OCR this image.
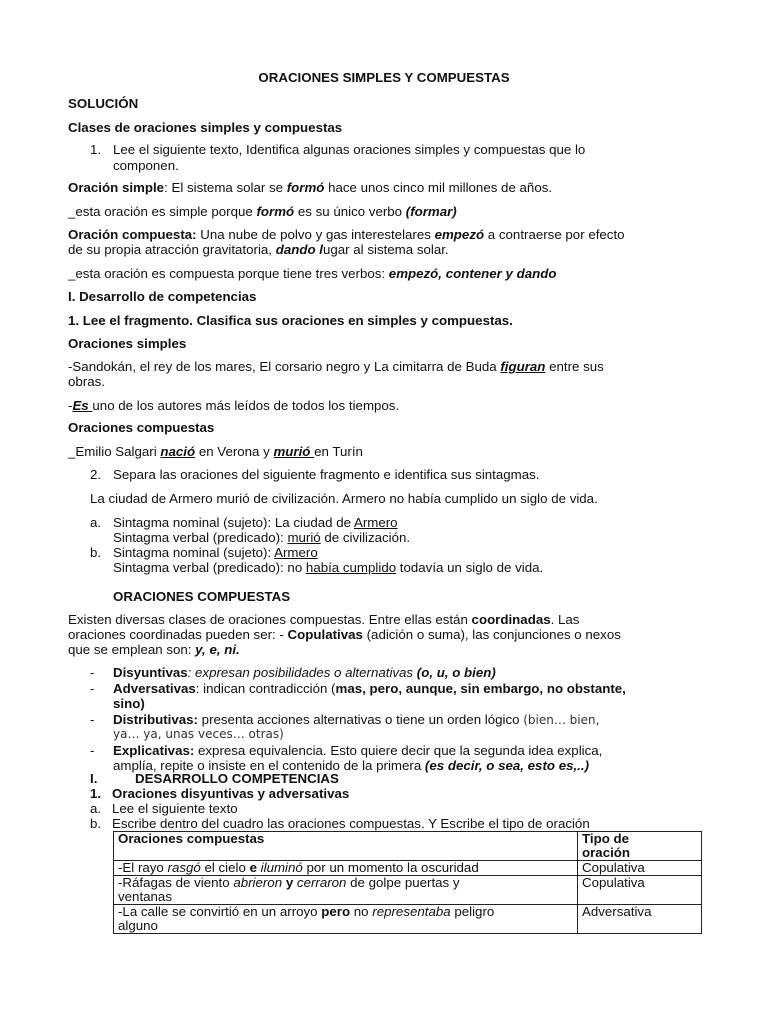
ORACIONES SIMPLES Y COMPUESTAS

SOLUCIÓN

Clases de oraciones simples y compuestas

1. Lee el siguiente texto, Identifica algunas oraciones simples y compuestas que lo
componen.

Oración simple: El sistema solar se formó hace unos cinco mil millones de años.

_esta oración es simple porque formó es su único verbo (formar)

Oración compuesta: Una nube de polvo y gas interestelares empezó a contraerse por efecto

de su propia atracción gravitatoria, dando lugar al sistema solar.

_esta oración es compuesta porque tiene tres verbos: empezó, contener y dando

I. Desarrollo de competencias

1. Lee el fragmento. Clasifica sus oraciones en simples y compuestas.

Oraciones simples

-Sandokán, el rey de los mares, El corsario negro y La cimitarra de Buda figuran entre sus

obras.

-Es uno de los autores más leídos de todos los tiempos.

Oraciones compuestas

_Emilio Salgari nació en Verona y murió en Turín

2. Separa las oraciones del siguiente fragmento e identifica sus sintagmas.

La ciudad de Armero murió de civilización. Armero no había cumplido un siglo de vida.

a. Sintagma nominal (sujeto): La ciudad de Armero
Sintagma verbal (predicado): murió de civilización.
b. Sintagma nominal (sujeto): Armero
Sintagma verbal (predicado): no había cumplido todavía un siglo de vida.

ORACIONES COMPUESTAS

Existen diversas clases de oraciones compuestas. Entre ellas están coordinadas. Las

oraciones coordinadas pueden ser: - Copulativas (adición o suma), las conjunciones o nexos

que se emplean son: y, e, ni.

- Disyuntivas: expresan posibilidades o alternativas (o, u, o bien)
- Adversativas: indican contradicción (mas, pero, aunque, sin embargo, no obstante,
sino)
- Distributivas: presenta acciones alternativas o tiene un orden lógico (bien… bien,
ya… ya, unas veces… otras)
- Explicativas: expresa equivalencia. Esto quiere decir que la segunda idea explica,
amplía, repite o insiste en el contenido de la primera (es decir, o sea, esto es,..)

I.	DESARROLLO COMPETENCIAS

1. Oraciones disyuntivas y adversativas

a. Lee el siguiente texto

b. Escribe dentro del cuadro las oraciones compuestas. Y Escribe el tipo de oración

Oraciones compuestas	Tipo de
oración
-El rayo rasgó el cielo e iluminó por un momento la oscuridad	Copulativa
-Ráfagas de viento abrieron y cerraron de golpe puertas y
ventanas	Copulativa
-La calle se convirtió en un arroyo pero no representaba peligro
alguno	Adversativa
